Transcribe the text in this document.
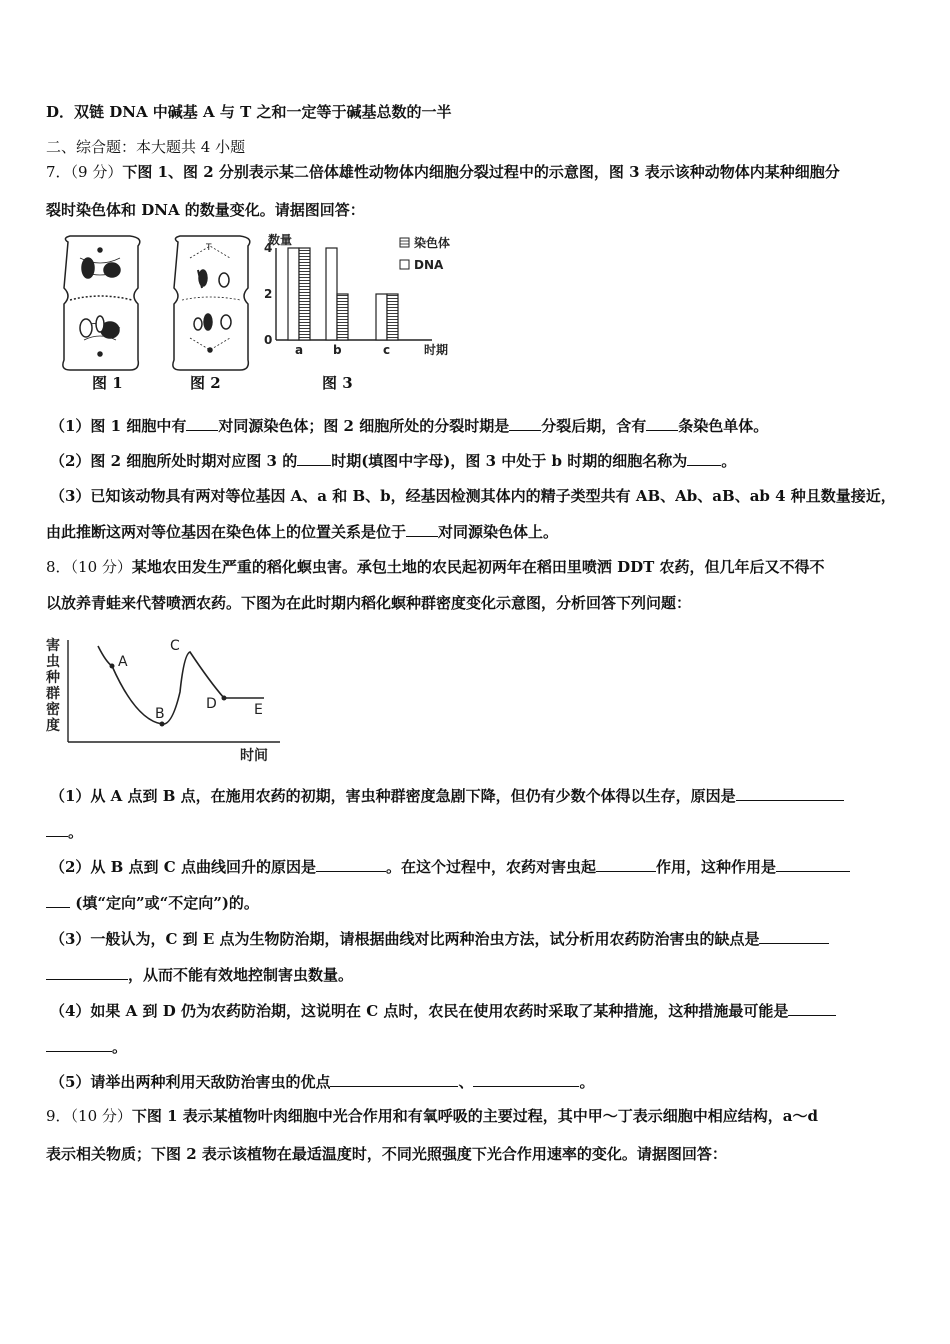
D．双链 DNA 中碱基 A 与 T 之和一定等于碱基总数的一半
二、综合题：本大题共 4 小题
7．（9 分）下图 1、图 2 分别表示某二倍体雄性动物体内细胞分裂过程中的示意图，图 3 表示该种动物体内某种细胞分
裂时染色体和 DNA 的数量变化。请据图回答：
T
数量
时期
染色体
DNA
0
2
4
a b	c
图 1	图 2	图 3
（1）图 1 细胞中有 对同源染色体；图 2 细胞所处的分裂时期是 分裂后期，含有 条染色单体。
（2）图 2 细胞所处时期对应图 3 的 时期(填图中字母)，图 3 中处于 b 时期的细胞名称为 。
（3）已知该动物具有两对等位基因 A、a 和 B、b，经基因检测其体内的精子类型共有 AB、Ab、aB、ab 4 种且数量接近，
由此推断这两对等位基因在染色体上的位置关系是位于 对同源染色体上。
8．（10 分）某地农田发生严重的稻化螟虫害。承包土地的农民起初两年在稻田里喷洒 DDT 农药，但几年后又不得不
以放养青蛙来代替喷洒农药。下图为在此时期内稻化螟种群密度变化示意图，分析回答下列问题：
害
虫
种
群
密
度
时间
A
B
C
D	E
（1）从 A 点到 B 点，在施用农药的初期，害虫种群密度急剧下降，但仍有少数个体得以生存，原因是
。
（2）从 B 点到 C 点曲线回升的原因是	。在这个过程中，农药对害虫起	作用，这种作用是
(填“定向”或“不定向”)的。
（3）一般认为，C 到 E 点为生物防治期，请根据曲线对比两种治虫方法，试分析用农药防治害虫的缺点是
，从而不能有效地控制害虫数量。
（4）如果 A 到 D 仍为农药防治期，这说明在 C 点时，农民在使用农药时采取了某种措施，这种措施最可能是
。
（5）请举出两种利用天敌防治害虫的优点	、	。
9．（10 分）下图 1 表示某植物叶肉细胞中光合作用和有氧呼吸的主要过程，其中甲～丁表示细胞中相应结构，a～d
表示相关物质；下图 2 表示该植物在最适温度时，不同光照强度下光合作用速率的变化。请据图回答：
